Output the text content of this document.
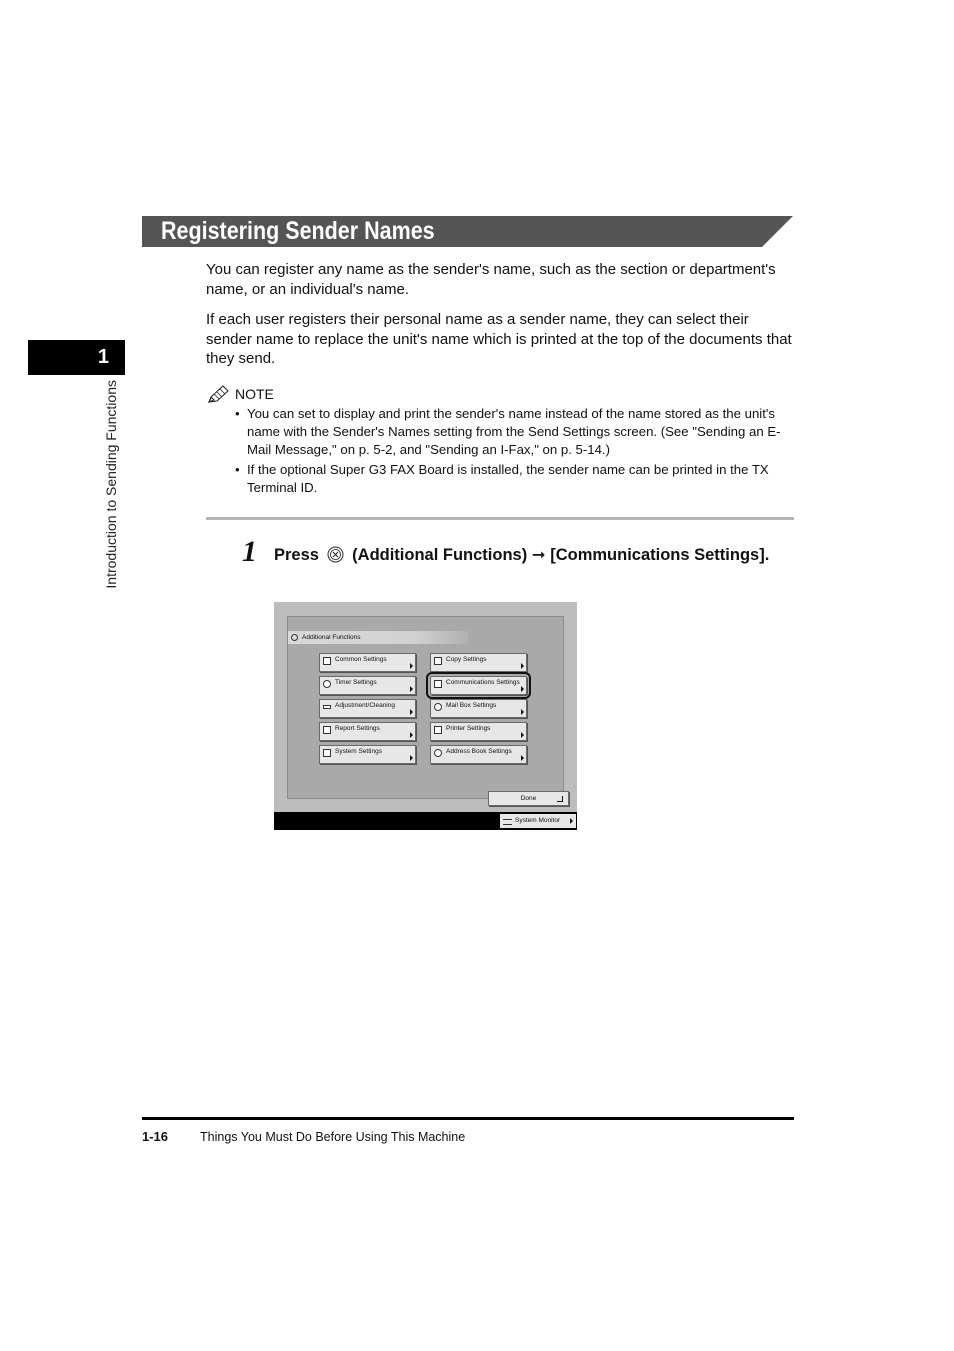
1
Introduction to Sending Functions
Registering Sender Names
You can register any name as the sender's name, such as the section or department's name, or an individual's name.
If each user registers their personal name as a sender name, they can select their sender name to replace the unit's name which is printed at the top of the documents that they send.
NOTE
• You can set to display and print the sender's name instead of the name stored as the unit's name with the Sender's Names setting from the Send Settings screen. (See "Sending an E-Mail Message," on p. 5-2, and "Sending an I-Fax," on p. 5-14.)
• If the optional Super G3 FAX Board is installed, the sender name can be printed in the TX Terminal ID.
1 Press (Additional Functions) ➞ [Communications Settings].
Additional Functions
Common Settings
Timer Settings
Adjustment/Cleaning
Report Settings
System Settings
Copy Settings
Communications Settings
Mail Box Settings
Printer Settings
Address Book Settings
Done
System Monitor
1-16	Things You Must Do Before Using This Machine
